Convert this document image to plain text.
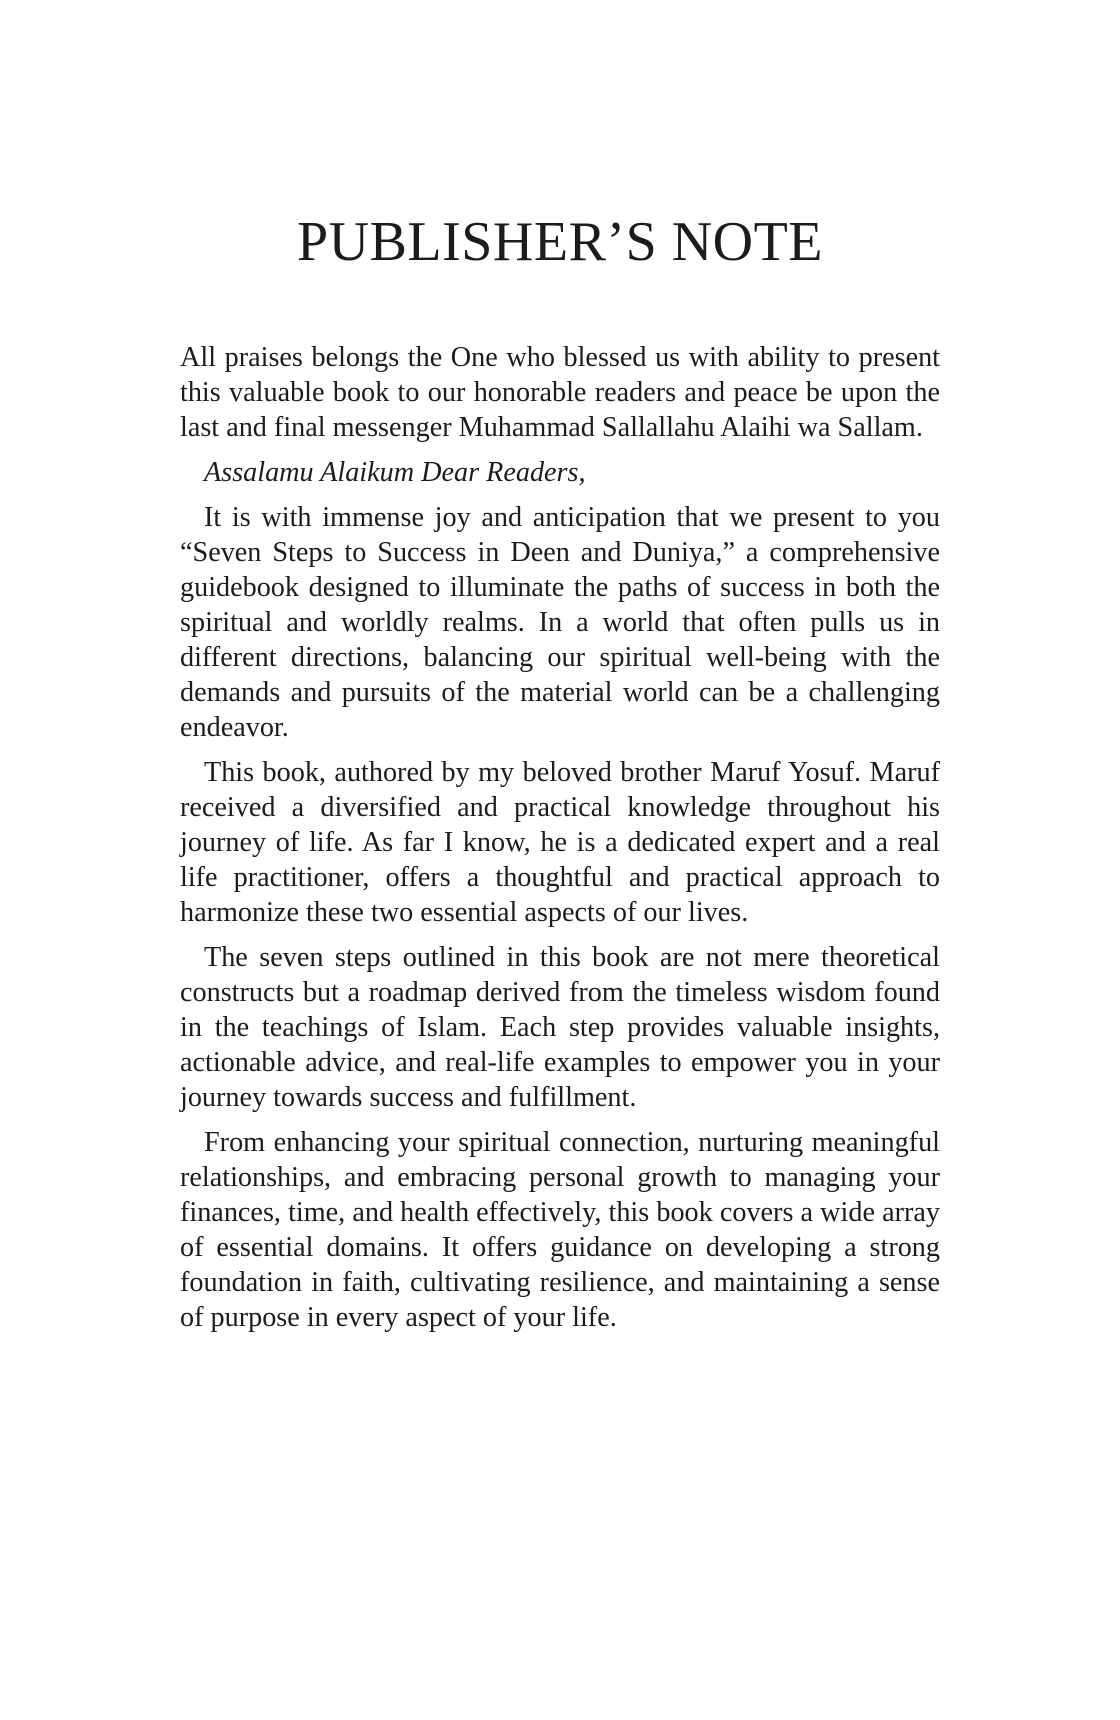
PUBLISHER’S NOTE

All praises belongs the One who blessed us with ability to present this valuable book to our honorable readers and peace be upon the last and final messenger Muhammad Sallallahu Alaihi wa Sallam.

Assalamu Alaikum Dear Readers,

It is with immense joy and anticipation that we present to you “Seven Steps to Success in Deen and Duniya,” a comprehensive guidebook designed to illuminate the paths of success in both the spiritual and worldly realms. In a world that often pulls us in different directions, balancing our spiritual well-being with the demands and pursuits of the material world can be a challenging endeavor.

This book, authored by my beloved brother Maruf Yosuf. Maruf received a diversified and practical knowledge throughout his journey of life. As far I know, he is a dedicated expert and a real life practitioner, offers a thoughtful and practical approach to harmonize these two essential aspects of our lives.

The seven steps outlined in this book are not mere theoretical constructs but a roadmap derived from the timeless wisdom found in the teachings of Islam. Each step provides valuable insights, actionable advice, and real-life examples to empower you in your journey towards success and fulfillment.

From enhancing your spiritual connection, nurturing meaningful relationships, and embracing personal growth to managing your finances, time, and health effectively, this book covers a wide array of essential domains. It offers guidance on developing a strong foundation in faith, cultivating resilience, and maintaining a sense of purpose in every aspect of your life.
